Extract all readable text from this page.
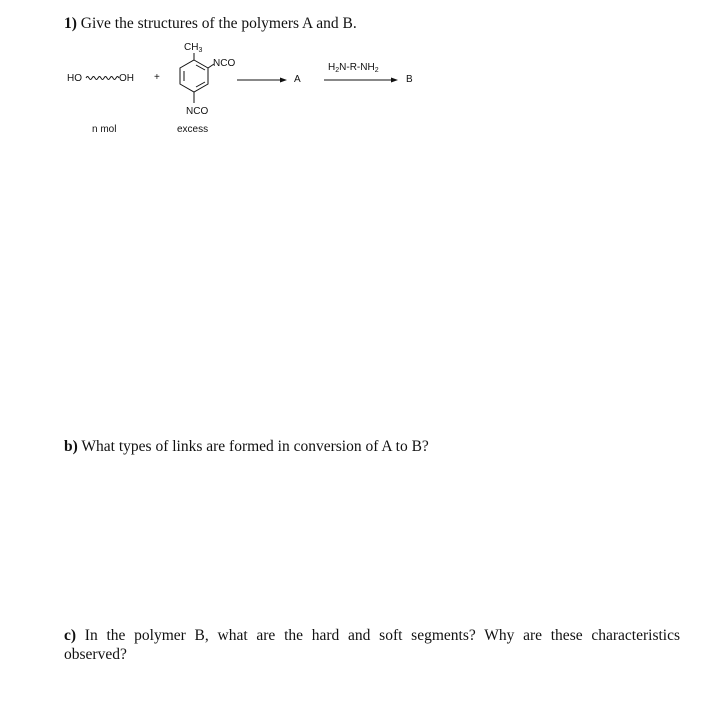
1) Give the structures of the polymers A and B.
HO	OH +
$CH_3$
NCO
NCO
A
$H_2N-R-NH_2$
B
n mol	excess
b) What types of links are formed in conversion of A to B?
c) In the polymer B, what are the hard and soft segments? Why are these characteristics
observed?
